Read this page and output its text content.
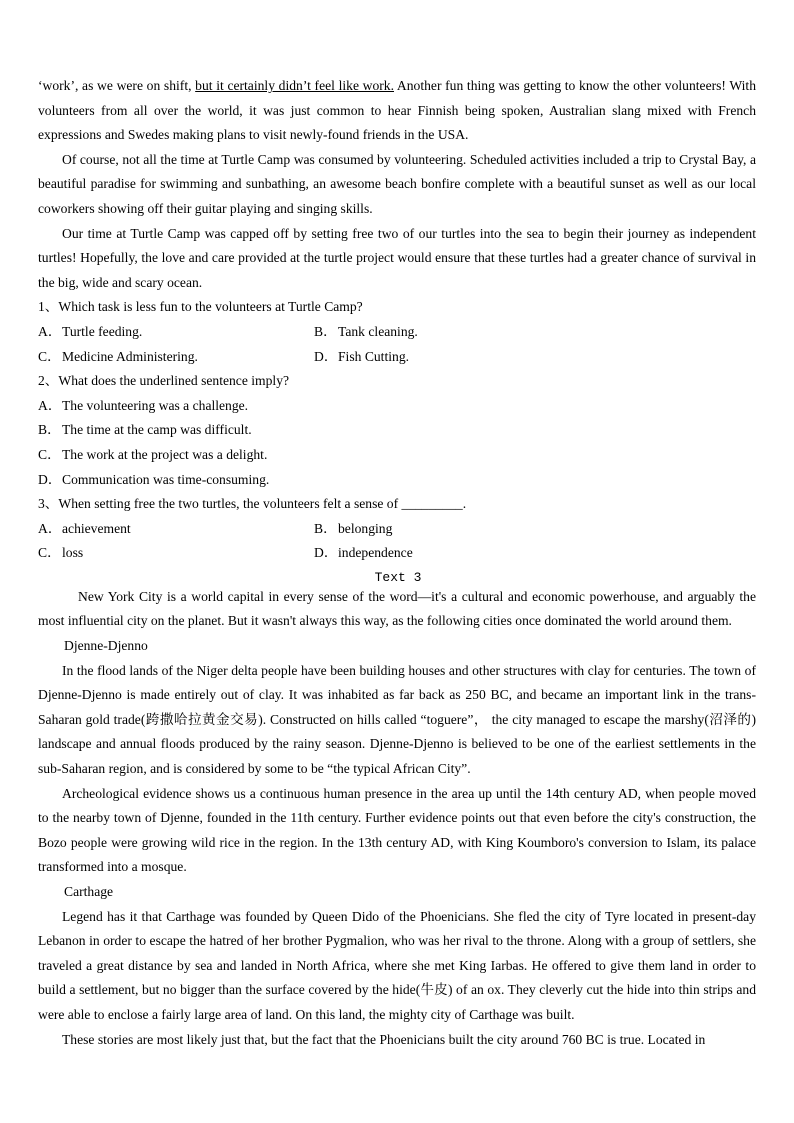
‘work’, as we were on shift, but it certainly didn’t feel like work. Another fun thing was getting to know the other volunteers! With volunteers from all over the world, it was just common to hear Finnish being spoken, Australian slang mixed with French expressions and Swedes making plans to visit newly-found friends in the USA.

Of course, not all the time at Turtle Camp was consumed by volunteering. Scheduled activities included a trip to Crystal Bay, a beautiful paradise for swimming and sunbathing, an awesome beach bonfire complete with a beautiful sunset as well as our local coworkers showing off their guitar playing and singing skills.

Our time at Turtle Camp was capped off by setting free two of our turtles into the sea to begin their journey as independent turtles! Hopefully, the love and care provided at the turtle project would ensure that these turtles had a greater chance of survival in the big, wide and scary ocean.

1、Which task is less fun to the volunteers at Turtle Camp?

A．Turtle feeding.	B．Tank cleaning.
C．Medicine Administering.	D．Fish Cutting.

2、What does the underlined sentence imply?

A．The volunteering was a challenge.
B．The time at the camp was difficult.
C．The work at the project was a delight.
D．Communication was time-consuming.

3、When setting free the two turtles, the volunteers felt a sense of _________.

A．achievement	B．belonging
C．loss	D．independence
Text 3

New York City is a world capital in every sense of the word—it's a cultural and economic powerhouse, and arguably the most influential city on the planet. But it wasn't always this way, as the following cities once dominated the world around them.

Djenne-Djenno

In the flood lands of the Niger delta people have been building houses and other structures with clay for centuries. The town of Djenne-Djenno is made entirely out of clay. It was inhabited as far back as 250 BC, and became an important link in the trans-Saharan gold trade(跨撒哈拉黄金交易). Constructed on hills called “toguere”， the city managed to escape the marshy(沼泽的) landscape and annual floods produced by the rainy season. Djenne-Djenno is believed to be one of the earliest settlements in the sub-Saharan region, and is considered by some to be “the typical African City”.

Archeological evidence shows us a continuous human presence in the area up until the 14th century AD, when people moved to the nearby town of Djenne, founded in the 11th century. Further evidence points out that even before the city's construction, the Bozo people were growing wild rice in the region. In the 13th century AD, with King Koumboro's conversion to Islam, its palace transformed into a mosque.

Carthage

Legend has it that Carthage was founded by Queen Dido of the Phoenicians. She fled the city of Tyre located in present-day Lebanon in order to escape the hatred of her brother Pygmalion, who was her rival to the throne. Along with a group of settlers, she traveled a great distance by sea and landed in North Africa, where she met King Iarbas. He offered to give them land in order to build a settlement, but no bigger than the surface covered by the hide(牛皮) of an ox. They cleverly cut the hide into thin strips and were able to enclose a fairly large area of land. On this land, the mighty city of Carthage was built.

These stories are most likely just that, but the fact that the Phoenicians built the city around 760 BC is true. Located in
